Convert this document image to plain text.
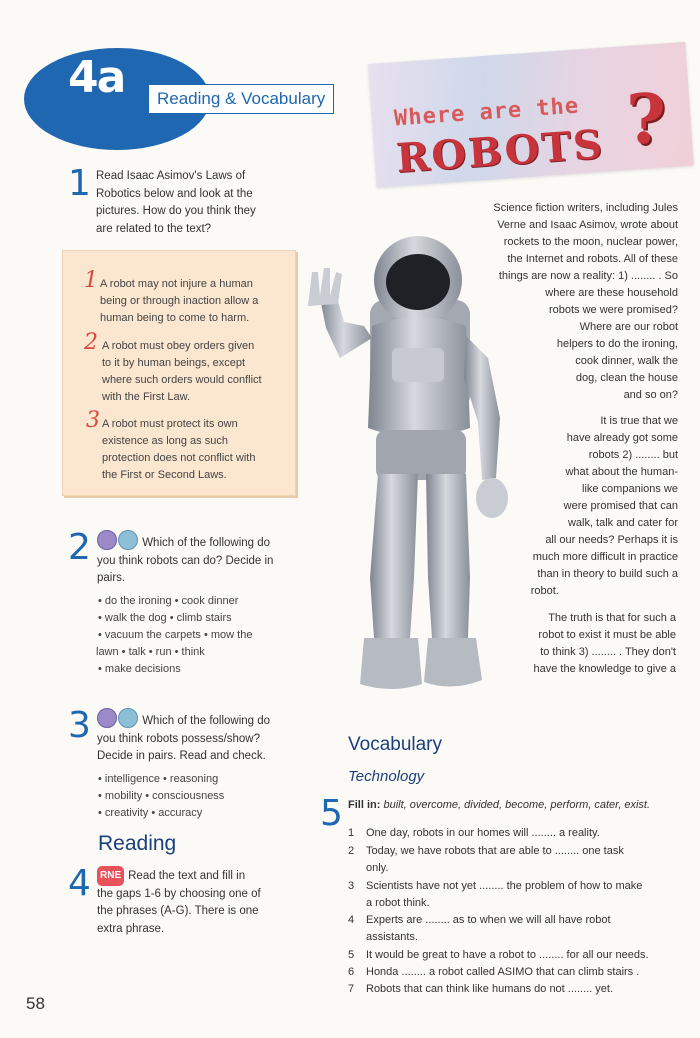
4a	Reading & Vocabulary	Where are the
ROBOTS ?
1 Read Isaac Asimov's Laws of
Robotics below and look at the
pictures. How do you think they
are related to the text?
1 A robot may not injure a human
being or through inaction allow a
human being to come to harm.
2 A robot must obey orders given
to it by human beings, except
where such orders would conflict
with the First Law.
3 A robot must protect its own
existence as long as such
protection does not conflict with
the First or Second Laws.
2	Which of the following do
you think robots can do? Decide in
pairs.
• do the ironing • cook dinner
• walk the dog • climb stairs
• vacuum the carpets • mow the
lawn • talk • run • think
• make decisions
3	Which of the following do
you think robots possess/show?
Decide in pairs. Read and check.
• intelligence • reasoning
• mobility • consciousness
• creativity • accuracy
Reading
4 RNE Read the text and fill in
the gaps 1-6 by choosing one of
the phrases (A-G). There is one
extra phrase.
Science fiction writers, including Jules
Verne and Isaac Asimov, wrote about
rockets to the moon, nuclear power,
the Internet and robots. All of these
things are now a reality: 1) ........ . So
where are these household
robots we were promised?
Where are our robot
helpers to do the ironing,
cook dinner, walk the
dog, clean the house
and so on?
It is true that we
have already got some
robots 2) ........ but
what about the human-
like companions we
were promised that can
walk, talk and cater for
all our needs? Perhaps it is
much more difficult in practice
than in theory to build such a
robot.
The truth is that for such a
robot to exist it must be able
to think 3) ........ . They don't
have the knowledge to give a
Vocabulary
Technology
5 Fill in: built, overcome, divided, become, perform, cater, exist.
1 One day, robots in our homes will ........ a reality.
2 Today, we have robots that are able to ........ one task
only.
3 Scientists have not yet ........ the problem of how to make
a robot think.
4 Experts are ........ as to when we will all have robot
assistants.
5 It would be great to have a robot to ........ for all our needs.
6 Honda ........ a robot called ASIMO that can climb stairs .
7 Robots that can think like humans do not ........ yet.
58
